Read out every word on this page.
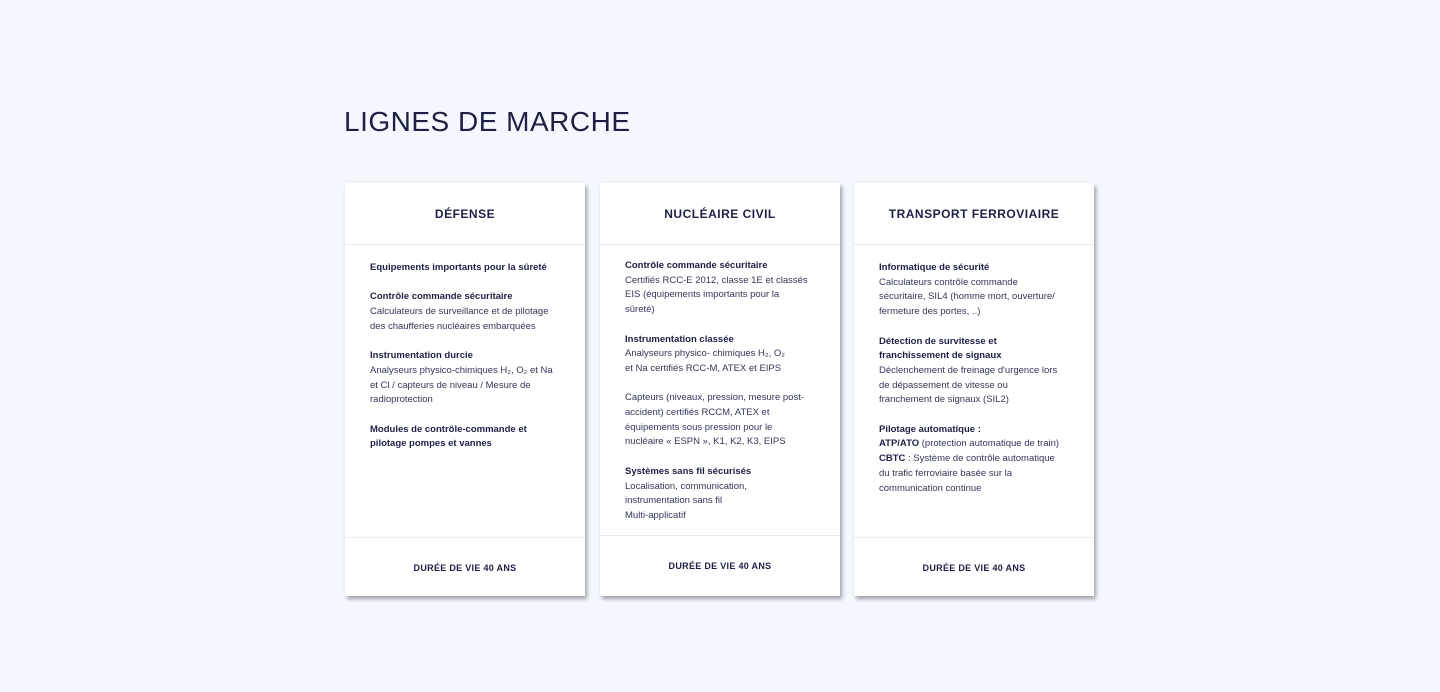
LIGNES DE MARCHE
DÉFENSE
Equipements importants pour la sûreté
Contrôle commande sécuritaire
Calculateurs de surveillance et de pilotage
des chaufferies nucléaires embarquées
Instrumentation durcie
Analyseurs physico-chimiques H₂, O₂ et Na
et Cl / capteurs de niveau / Mesure de
radioprotection
Modules de contrôle-commande et
pilotage pompes et vannes
DURÉE DE VIE 40 ANS
NUCLÉAIRE CIVIL
Contrôle commande sécuritaire
Certifiés RCC-E 2012, classe 1E et classés
EIS (équipements importants pour la
sûreté)
Instrumentation classée
Analyseurs physico- chimiques H₂, O₂
et Na certifiés RCC-M, ATEX et EIPS
Capteurs (niveaux, pression, mesure post-
accident) certifiés RCCM, ATEX et
équipements sous pression pour le
nucléaire « ESPN », K1, K2, K3, EIPS
Systèmes sans fil sécurisés
Localisation, communication,
instrumentation sans fil
Multi-applicatif
DURÉE DE VIE 40 ANS
TRANSPORT FERROVIAIRE
Informatique de sécurité
Calculateurs contrôle commande
sécuritaire, SIL4 (homme mort, ouverture/
fermeture des portes, ..)
Détection de survitesse et
franchissement de signaux
Déclenchement de freinage d'urgence lors
de dépassement de vitesse ou
franchement de signaux (SIL2)
Pilotage automatique :
ATP/ATO (protection automatique de train)
CBTC : Système de contrôle automatique
du trafic ferroviaire basée sur la
communication continue
DURÉE DE VIE 40 ANS
